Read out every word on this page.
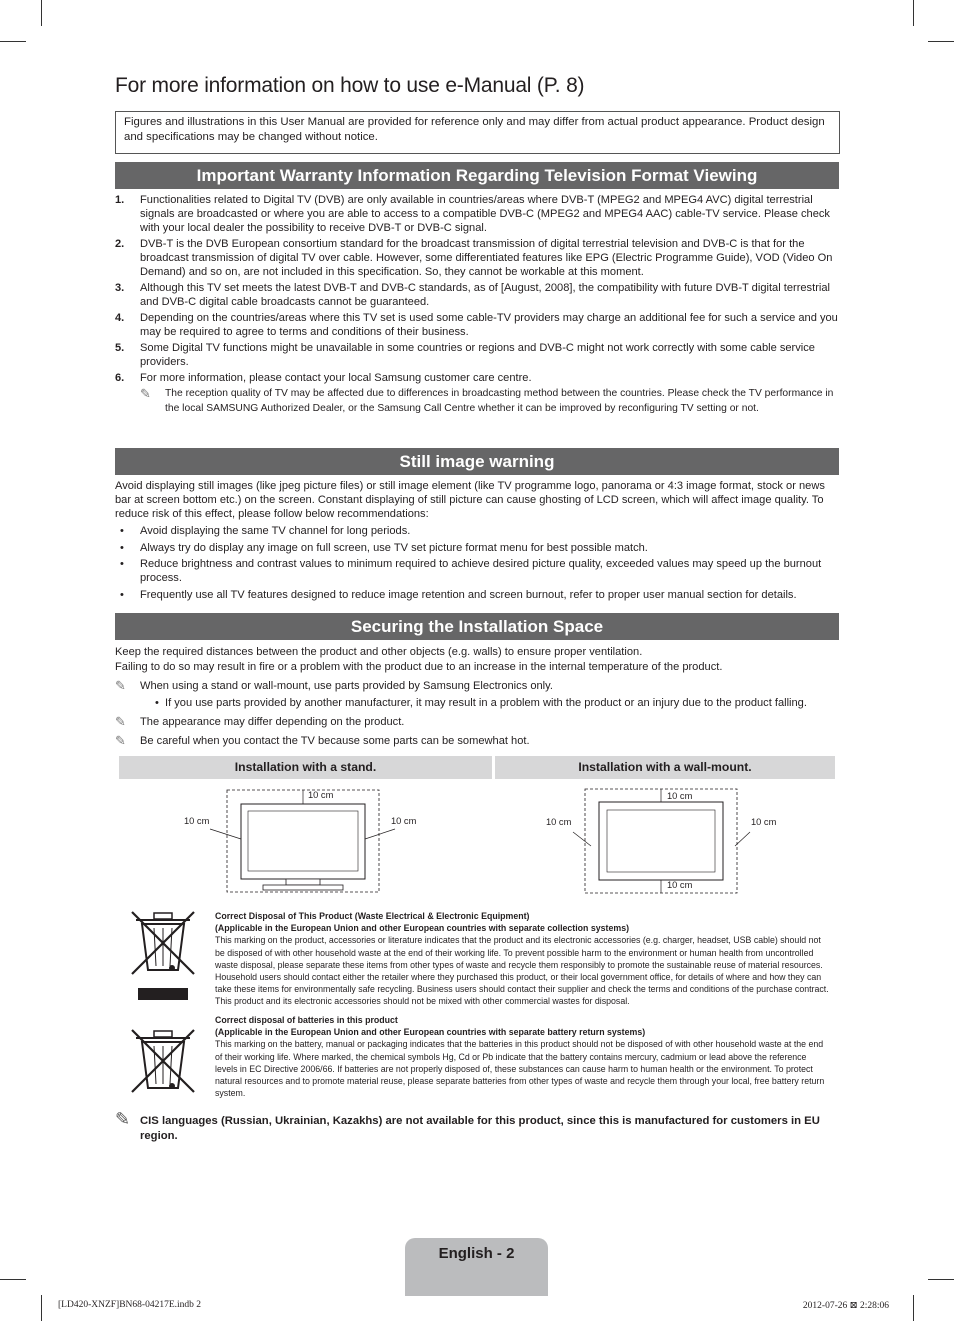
For more information on how to use e-Manual (P. 8)
Figures and illustrations in this User Manual are provided for reference only and may differ from actual product appearance. Product design and specifications may be changed without notice.
Important Warranty Information Regarding Television Format Viewing
1. Functionalities related to Digital TV (DVB) are only available in countries/areas where DVB-T (MPEG2 and MPEG4 AVC) digital terrestrial signals are broadcasted or where you are able to access to a compatible DVB-C (MPEG2 and MPEG4 AAC) cable-TV service. Please check with your local dealer the possibility to receive DVB-T or DVB-C signal.
2. DVB-T is the DVB European consortium standard for the broadcast transmission of digital terrestrial television and DVB-C is that for the broadcast transmission of digital TV over cable. However, some differentiated features like EPG (Electric Programme Guide), VOD (Video On Demand) and so on, are not included in this specification. So, they cannot be workable at this moment.
3. Although this TV set meets the latest DVB-T and DVB-C standards, as of [August, 2008], the compatibility with future DVB-T digital terrestrial and DVB-C digital cable broadcasts cannot be guaranteed.
4. Depending on the countries/areas where this TV set is used some cable-TV providers may charge an additional fee for such a service and you may be required to agree to terms and conditions of their business.
5. Some Digital TV functions might be unavailable in some countries or regions and DVB-C might not work correctly with some cable service providers.
6. For more information, please contact your local Samsung customer care centre.
✎ The reception quality of TV may be affected due to differences in broadcasting method between the countries. Please check the TV performance in the local SAMSUNG Authorized Dealer, or the Samsung Call Centre whether it can be improved by reconfiguring TV setting or not.
Still image warning
Avoid displaying still images (like jpeg picture files) or still image element (like TV programme logo, panorama or 4:3 image format, stock or news bar at screen bottom etc.) on the screen. Constant displaying of still picture can cause ghosting of LCD screen, which will affect image quality. To reduce risk of this effect, please follow below recommendations:
• Avoid displaying the same TV channel for long periods.
• Always try do display any image on full screen, use TV set picture format menu for best possible match.
• Reduce brightness and contrast values to minimum required to achieve desired picture quality, exceeded values may speed up the burnout process.
• Frequently use all TV features designed to reduce image retention and screen burnout, refer to proper user manual section for details.
Securing the Installation Space
Keep the required distances between the product and other objects (e.g. walls) to ensure proper ventilation.
Failing to do so may result in fire or a problem with the product due to an increase in the internal temperature of the product.
✎ When using a stand or wall-mount, use parts provided by Samsung Electronics only.
• If you use parts provided by another manufacturer, it may result in a problem with the product or an injury due to the product falling.
✎ The appearance may differ depending on the product.
✎ Be careful when you contact the TV because some parts can be somewhat hot.
Installation with a stand.	Installation with a wall-mount.
10 cm
10 cm	10 cm
10 cm
10 cm	10 cm
10 cm
Correct Disposal of This Product (Waste Electrical & Electronic Equipment)
(Applicable in the European Union and other European countries with separate collection systems)
This marking on the product, accessories or literature indicates that the product and its electronic accessories (e.g. charger, headset, USB cable) should not be disposed of with other household waste at the end of their working life. To prevent possible harm to the environment or human health from uncontrolled waste disposal, please separate these items from other types of waste and recycle them responsibly to promote the sustainable reuse of material resources. Household users should contact either the retailer where they purchased this product, or their local government office, for details of where and how they can take these items for environmentally safe recycling. Business users should contact their supplier and check the terms and conditions of the purchase contract. This product and its electronic accessories should not be mixed with other commercial wastes for disposal.
Correct disposal of batteries in this product
(Applicable in the European Union and other European countries with separate battery return systems)
This marking on the battery, manual or packaging indicates that the batteries in this product should not be disposed of with other household waste at the end of their working life. Where marked, the chemical symbols Hg, Cd or Pb indicate that the battery contains mercury, cadmium or lead above the reference levels in EC Directive 2006/66. If batteries are not properly disposed of, these substances can cause harm to human health or the environment. To protect natural resources and to promote material reuse, please separate batteries from other types of waste and recycle them through your local, free battery return system.
✎ CIS languages (Russian, Ukrainian, Kazakhs) are not available for this product, since this is manufactured for customers in EU region.
English - 2
[LD420-XNZF]BN68-04217E.indb 2	2012-07-26 ⊠ 2:28:06
